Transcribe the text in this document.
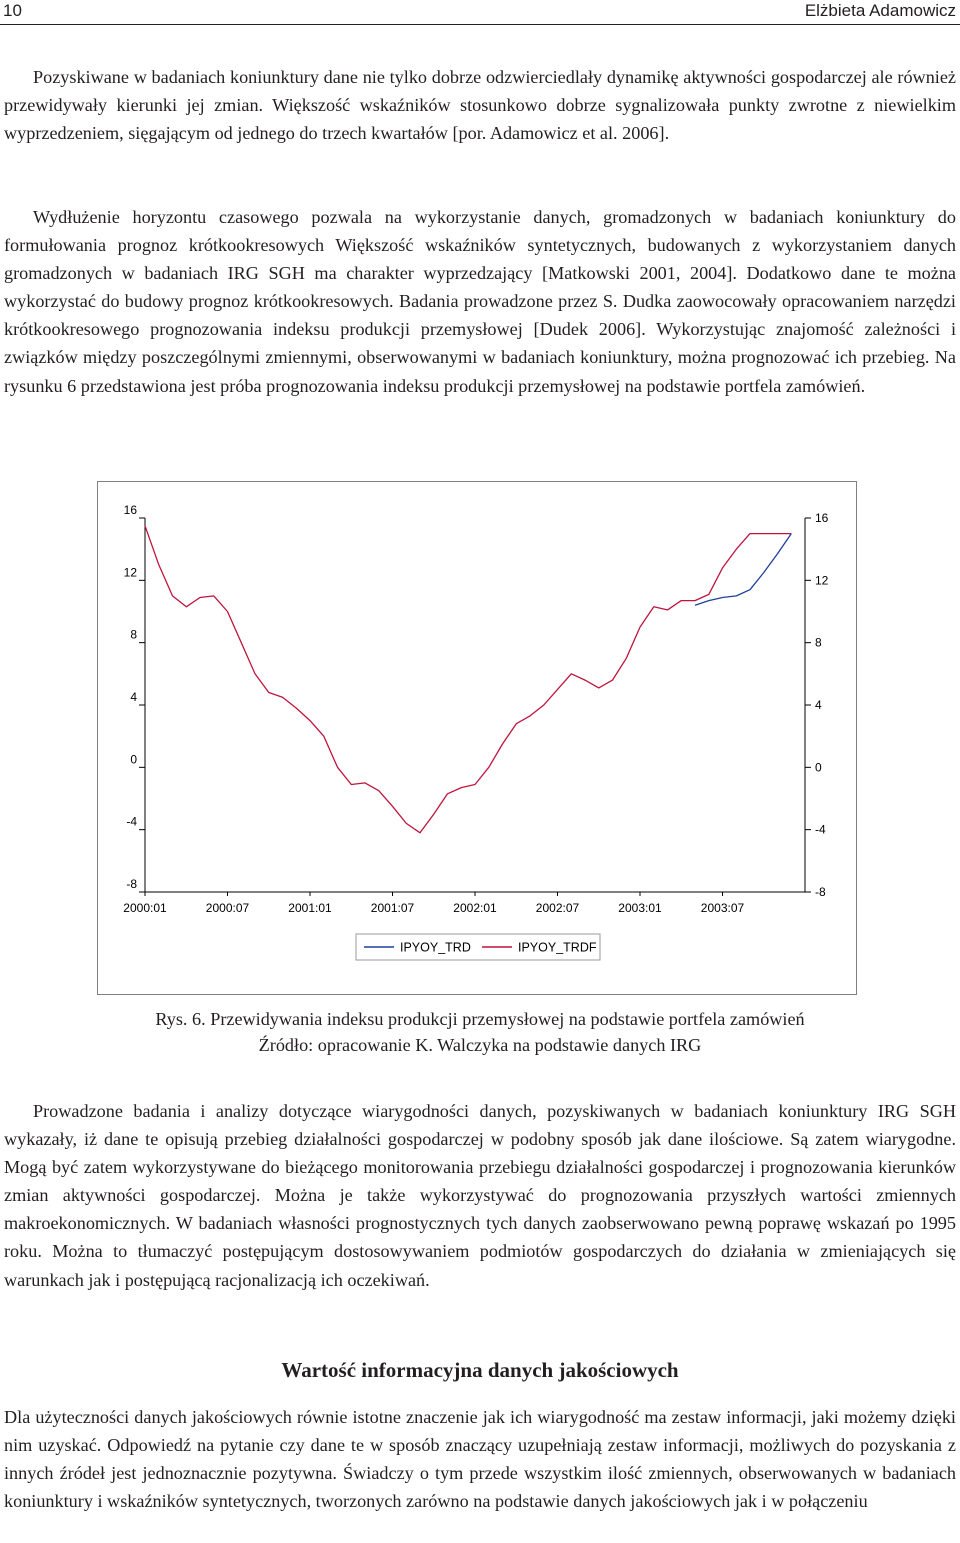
10	Elżbieta Adamowicz

Pozyskiwane w badaniach koniunktury dane nie tylko dobrze odzwierciedlały dynamikę aktywności gospodarczej ale również przewidywały kierunki jej zmian. Większość wskaźników stosunkowo dobrze sygnalizowała punkty zwrotne z niewielkim wyprzedzeniem, sięgającym od jednego do trzech kwartałów [por. Adamowicz et al. 2006].

Wydłużenie horyzontu czasowego pozwala na wykorzystanie danych, gromadzonych w badaniach koniunktury do formułowania prognoz krótkookresowych Większość wskaźników syntetycznych, budowanych z wykorzystaniem danych gromadzonych w badaniach IRG SGH ma charakter wyprzedzający [Matkowski 2001, 2004]. Dodatkowo dane te można wykorzystać do budowy prognoz krótkookresowych. Badania prowadzone przez S. Dudka zaowocowały opracowaniem narzędzi krótkookresowego prognozowania indeksu produkcji przemysłowej [Dudek 2006]. Wykorzystując znajomość zależności i związków między poszczególnymi zmiennymi, obserwowanymi w badaniach koniunktury, można prognozować ich przebieg. Na rysunku 6 przedstawiona jest próba prognozowania indeksu produkcji przemysłowej na podstawie portfela zamówień.

16
12
8
4
0
-4
-8
16
12
8
4
0
-4
-8
2000:01	2000:07	2001:01	2001:07	2002:01	2002:07	2003:01	2003:07
IPYOY_TRD	IPYOY_TRDF

Rys. 6. Przewidywania indeksu produkcji przemysłowej na podstawie portfela zamówień

Źródło: opracowanie K. Walczyka na podstawie danych IRG

Prowadzone badania i analizy dotyczące wiarygodności danych, pozyskiwanych w badaniach koniunktury IRG SGH wykazały, iż dane te opisują przebieg działalności gospodarczej w podobny sposób jak dane ilościowe. Są zatem wiarygodne. Mogą być zatem wykorzystywane do bieżącego monitorowania przebiegu działalności gospodarczej i prognozowania kierunków zmian aktywności gospodarczej. Można je także wykorzystywać do prognozowania przyszłych wartości zmiennych makroekonomicznych. W badaniach własności prognostycznych tych danych zaobserwowano pewną poprawę wskazań po 1995 roku. Można to tłumaczyć postępującym dostosowywaniem podmiotów gospodarczych do działania w zmieniających się warunkach jak i postępującą racjonalizacją ich oczekiwań.

Wartość informacyjna danych jakościowych

Dla użyteczności danych jakościowych równie istotne znaczenie jak ich wiarygodność ma zestaw informacji, jaki możemy dzięki nim uzyskać. Odpowiedź na pytanie czy dane te w sposób znaczący uzupełniają zestaw informacji, możliwych do pozyskania z innych źródeł jest jednoznacznie pozytywna. Świadczy o tym przede wszystkim ilość zmiennych, obserwowanych w badaniach koniunktury i wskaźników syntetycznych, tworzonych zarówno na podstawie danych jakościowych jak i w połączeniu
